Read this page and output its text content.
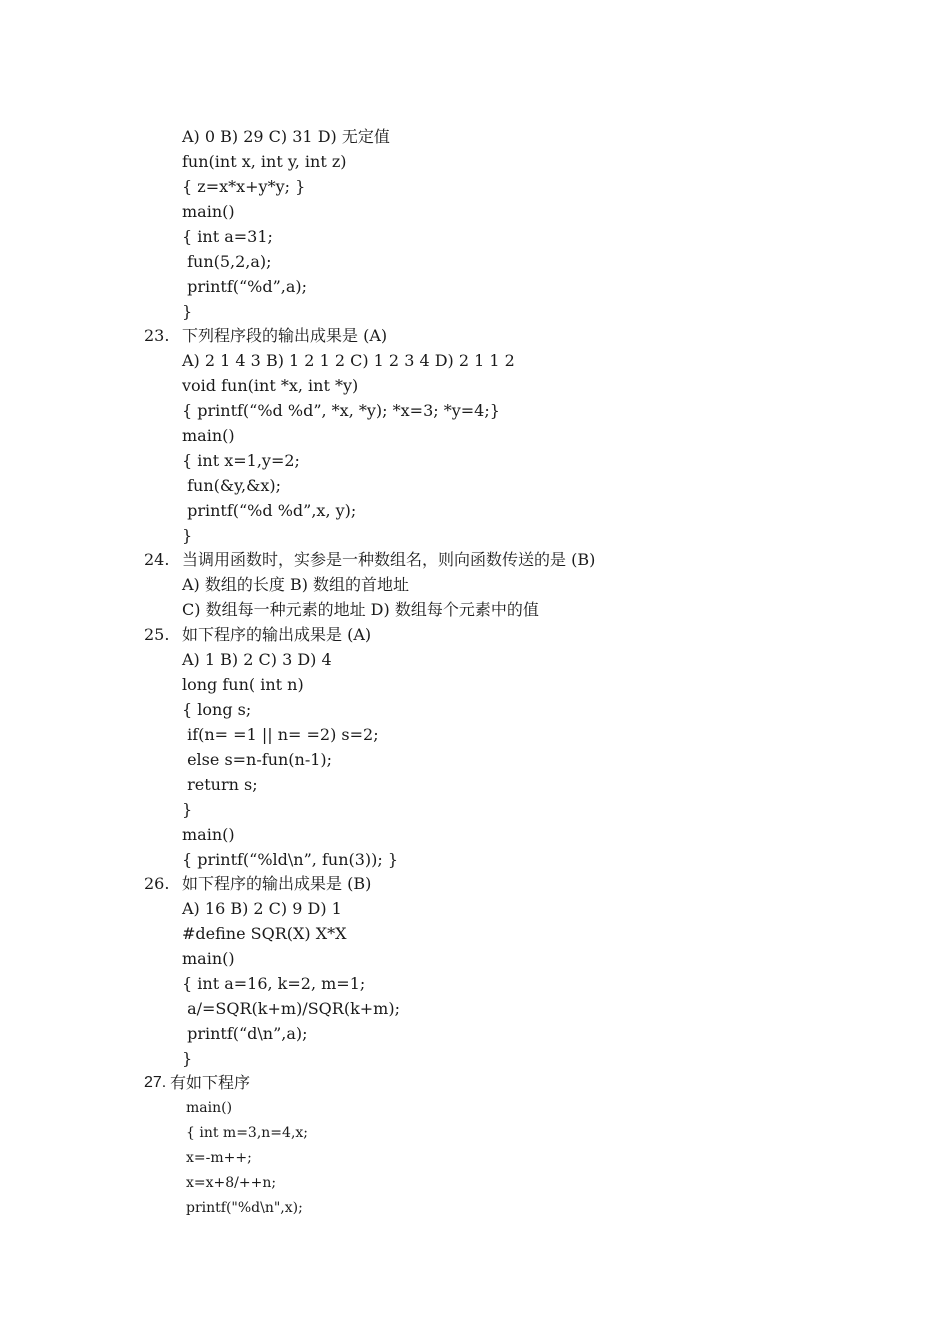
A) 0 B) 29 C) 31 D) 无定值
fun(int x, int y, int z)
{ z=x*x+y*y; }
main()
{ int a=31;
fun(5,2,a);
printf(“%d”,a);
}
23. 下列程序段的输出成果是 (A)
A) 2 1 4 3 B) 1 2 1 2 C) 1 2 3 4 D) 2 1 1 2
void fun(int *x, int *y)
{ printf(“%d %d”, *x, *y); *x=3; *y=4;}
main()
{ int x=1,y=2;
fun(&y,&x);
printf(“%d %d”,x, y);
}
24. 当调用函数时，实参是一种数组名，则向函数传送的是 (B)
A) 数组的长度 B) 数组的首地址
C) 数组每一种元素的地址 D) 数组每个元素中的值
25. 如下程序的输出成果是 (A)
A) 1 B) 2 C) 3 D) 4
long fun( int n)
{ long s;
if(n= =1 || n= =2) s=2;
else s=n-fun(n-1);
return s;
}
main()
{ printf(“%ld\n”, fun(3)); }
26. 如下程序的输出成果是 (B)
A) 16 B) 2 C) 9 D) 1
#define SQR(X) X*X
main()
{ int a=16, k=2, m=1;
a/=SQR(k+m)/SQR(k+m);
printf(“d\n”,a);
}
27. 有如下程序
main()
{ int m=3,n=4,x;
x=-m++;
x=x+8/++n;
printf("%d\n",x);
